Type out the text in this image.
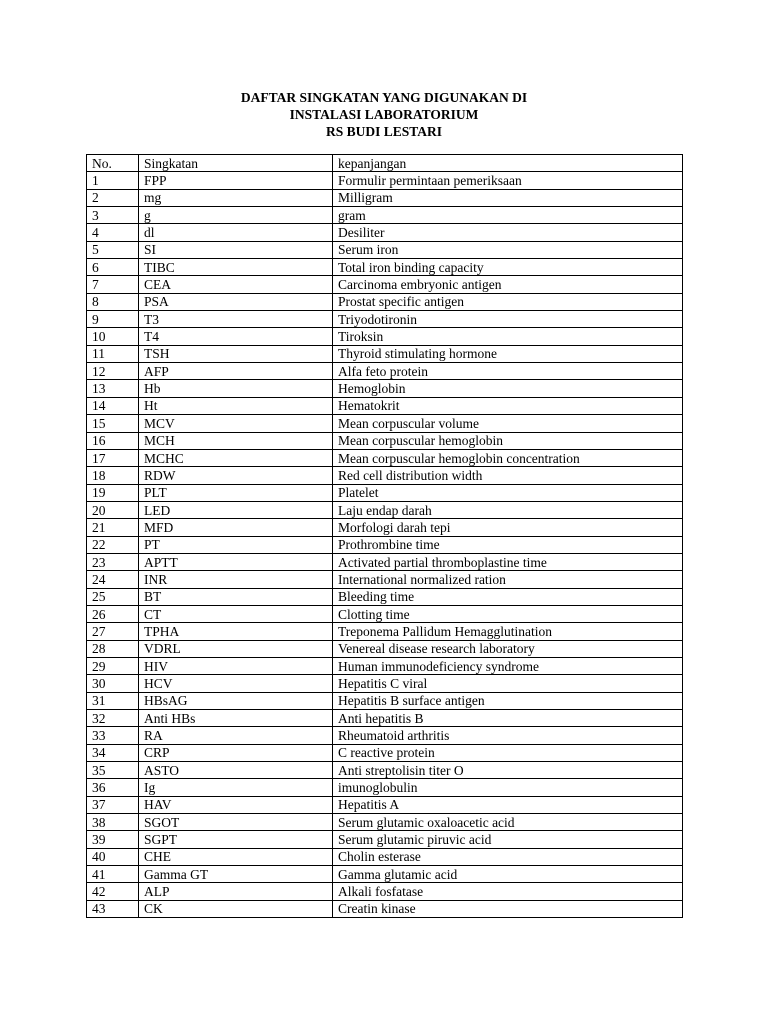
DAFTAR SINGKATAN YANG DIGUNAKAN DI
INSTALASI LABORATORIUM
RS BUDI LESTARI
No.	Singkatan	kepanjangan
1	FPP	Formulir permintaan pemeriksaan
2	mg	Milligram
3	g	gram
4	dl	Desiliter
5	SI	Serum iron
6	TIBC	Total iron binding capacity
7	CEA	Carcinoma embryonic antigen
8	PSA	Prostat specific antigen
9	T3	Triyodotironin
10	T4	Tiroksin
11	TSH	Thyroid stimulating hormone
12	AFP	Alfa feto protein
13	Hb	Hemoglobin
14	Ht	Hematokrit
15	MCV	Mean corpuscular volume
16	MCH	Mean corpuscular hemoglobin
17	MCHC	Mean corpuscular hemoglobin concentration
18	RDW	Red cell distribution width
19	PLT	Platelet
20	LED	Laju endap darah
21	MFD	Morfologi darah tepi
22	PT	Prothrombine time
23	APTT	Activated partial thromboplastine time
24	INR	International normalized ration
25	BT	Bleeding time
26	CT	Clotting time
27	TPHA	Treponema Pallidum Hemagglutination
28	VDRL	Venereal disease research laboratory
29	HIV	Human immunodeficiency syndrome
30	HCV	Hepatitis C viral
31	HBsAG	Hepatitis B surface antigen
32	Anti HBs	Anti hepatitis B
33	RA	Rheumatoid arthritis
34	CRP	C reactive protein
35	ASTO	Anti streptolisin titer O
36	Ig	imunoglobulin
37	HAV	Hepatitis A
38	SGOT	Serum glutamic oxaloacetic acid
39	SGPT	Serum glutamic piruvic acid
40	CHE	Cholin esterase
41	Gamma GT	Gamma glutamic acid
42	ALP	Alkali fosfatase
43	CK	Creatin kinase
